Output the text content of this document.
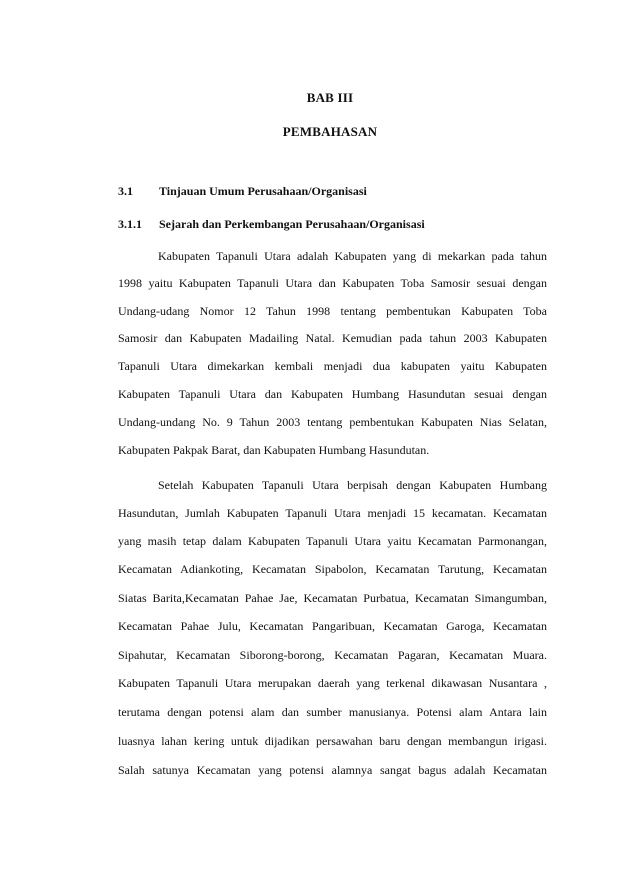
BAB III
PEMBAHASAN
3.1 Tinjauan Umum Perusahaan/Organisasi
3.1.1 Sejarah dan Perkembangan Perusahaan/Organisasi
Kabupaten Tapanuli Utara adalah Kabupaten yang di mekarkan pada tahun
1998 yaitu Kabupaten Tapanuli Utara dan Kabupaten Toba Samosir sesuai dengan
Undang-udang Nomor 12 Tahun 1998 tentang pembentukan Kabupaten Toba
Samosir dan Kabupaten Madailing Natal. Kemudian pada tahun 2003 Kabupaten
Tapanuli Utara dimekarkan kembali menjadi dua kabupaten yaitu Kabupaten
Kabupaten Tapanuli Utara dan Kabupaten Humbang Hasundutan sesuai dengan
Undang-undang No. 9 Tahun 2003 tentang pembentukan Kabupaten Nias Selatan,
Kabupaten Pakpak Barat, dan Kabupaten Humbang Hasundutan.
Setelah Kabupaten Tapanuli Utara berpisah dengan Kabupaten Humbang
Hasundutan, Jumlah Kabupaten Tapanuli Utara menjadi 15 kecamatan. Kecamatan
yang masih tetap dalam Kabupaten Tapanuli Utara yaitu Kecamatan Parmonangan,
Kecamatan Adiankoting, Kecamatan Sipabolon, Kecamatan Tarutung, Kecamatan
Siatas Barita,Kecamatan Pahae Jae, Kecamatan Purbatua, Kecamatan Simangumban,
Kecamatan Pahae Julu, Kecamatan Pangaribuan, Kecamatan Garoga, Kecamatan
Sipahutar, Kecamatan Siborong-borong, Kecamatan Pagaran, Kecamatan Muara.
Kabupaten Tapanuli Utara merupakan daerah yang terkenal dikawasan Nusantara ,
terutama dengan potensi alam dan sumber manusianya. Potensi alam Antara lain
luasnya lahan kering untuk dijadikan persawahan baru dengan membangun irigasi.
Salah satunya Kecamatan yang potensi alamnya sangat bagus adalah Kecamatan
